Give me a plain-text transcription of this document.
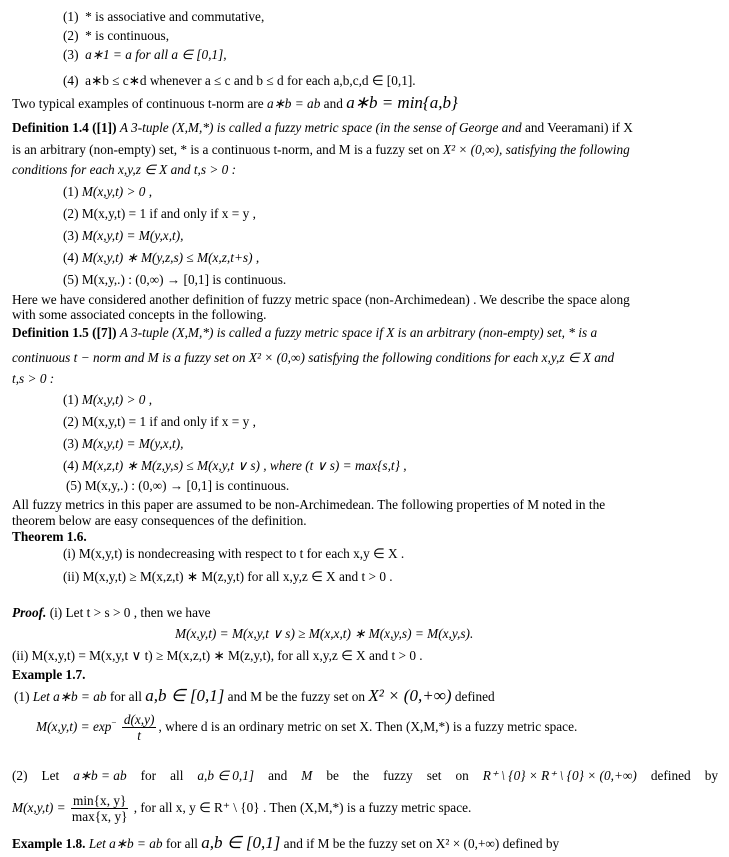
(1) * is associative and commutative,
(2) * is continuous,
(3) a∗1 = a for all a ∈ [0,1],
(4) a∗b ≤ c∗d whenever a ≤ c and b ≤ d for each a,b,c,d ∈ [0,1].
Two typical examples of continuous t-norm are a∗b = ab and a∗b = min{a,b}
Definition 1.4 ([1]) A 3-tuple (X,M,*) is called a fuzzy metric space (in the sense of George and and Veeramani) if X
is an arbitrary (non-empty) set, * is a continuous t-norm, and M is a fuzzy set on X² × (0,∞), satisfying the following
conditions for each x,y,z ∈ X and t,s > 0 :
(1) M(x,y,t) > 0 ,
(2) M(x,y,t) = 1 if and only if x = y ,
(3) M(x,y,t) = M(y,x,t),
(4) M(x,y,t) ∗ M(y,z,s) ≤ M(x,z,t+s) ,
(5) M(x,y,.) : (0,∞) → [0,1] is continuous.
Here we have considered another definition of fuzzy metric space (non-Archimedean) . We describe the space along
with some associated concepts in the following.
Definition 1.5 ([7]) A 3-tuple (X,M,*) is called a fuzzy metric space if X is an arbitrary (non-empty) set, * is a
continuous t − norm and M is a fuzzy set on X² × (0,∞) satisfying the following conditions for each x,y,z ∈ X and
t,s > 0 :
(1) M(x,y,t) > 0 ,
(2) M(x,y,t) = 1 if and only if x = y ,
(3) M(x,y,t) = M(y,x,t),
(4) M(x,z,t) ∗ M(z,y,s) ≤ M(x,y,t ∨ s) , where (t ∨ s) = max{s,t} ,
(5) M(x,y,.) : (0,∞) → [0,1] is continuous.
All fuzzy metrics in this paper are assumed to be non-Archimedean. The following properties of M noted in the
theorem below are easy consequences of the definition.
Theorem 1.6.
(i) M(x,y,t) is nondecreasing with respect to t for each x,y ∈ X .
(ii) M(x,y,t) ≥ M(x,z,t) ∗ M(z,y,t) for all x,y,z ∈ X and t > 0 .
Proof. (i) Let t > s > 0 , then we have
M(x,y,t) = M(x,y,t ∨ s) ≥ M(x,x,t) ∗ M(x,y,s) = M(x,y,s).
(ii) M(x,y,t) = M(x,y,t ∨ t) ≥ M(x,z,t) ∗ M(z,y,t), for all x,y,z ∈ X and t > 0 .
Example 1.7.
(1) Let a∗b = ab for all a,b ∈ [0,1] and M be the fuzzy set on X² × (0,+∞) defined
$M(x,y,t) = \exp^- \frac{d(x,y)}{t}$ , where d is an ordinary metric on set X. Then (X,M,*) is a fuzzy metric space.
(2) Let a∗b = ab for all a,b ∈ 0,1] and M be the fuzzy set on R⁺ \ {0} × R⁺ \ {0} × (0,+∞) defined by
$M(x,y,t) = \frac{\min\{x, y\}}{\max\{x, y\}}$ , for all x, y ∈ R⁺ \ {0} . Then (X,M,*) is a fuzzy metric space.
Example 1.8. Let a∗b = ab for all a,b ∈ [0,1] and if M be the fuzzy set on X² × (0,+∞) defined by
